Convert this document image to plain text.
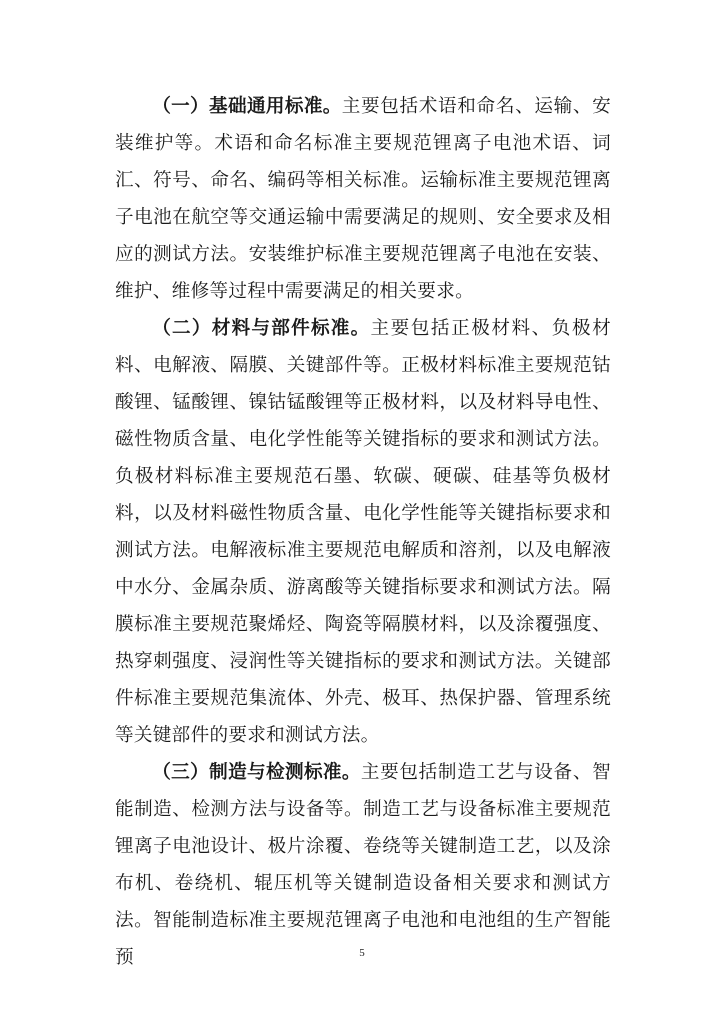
（一）基础通用标准。主要包括术语和命名、运输、安装维护等。术语和命名标准主要规范锂离子电池术语、词汇、符号、命名、编码等相关标准。运输标准主要规范锂离子电池在航空等交通运输中需要满足的规则、安全要求及相应的测试方法。安装维护标准主要规范锂离子电池在安装、维护、维修等过程中需要满足的相关要求。

（二）材料与部件标准。主要包括正极材料、负极材料、电解液、隔膜、关键部件等。正极材料标准主要规范钴酸锂、锰酸锂、镍钴锰酸锂等正极材料，以及材料导电性、磁性物质含量、电化学性能等关键指标的要求和测试方法。负极材料标准主要规范石墨、软碳、硬碳、硅基等负极材料，以及材料磁性物质含量、电化学性能等关键指标要求和测试方法。电解液标准主要规范电解质和溶剂，以及电解液中水分、金属杂质、游离酸等关键指标要求和测试方法。隔膜标准主要规范聚烯烃、陶瓷等隔膜材料，以及涂覆强度、热穿刺强度、浸润性等关键指标的要求和测试方法。关键部件标准主要规范集流体、外壳、极耳、热保护器、管理系统等关键部件的要求和测试方法。

（三）制造与检测标准。主要包括制造工艺与设备、智能制造、检测方法与设备等。制造工艺与设备标准主要规范锂离子电池设计、极片涂覆、卷绕等关键制造工艺，以及涂布机、卷绕机、辊压机等关键制造设备相关要求和测试方法。智能制造标准主要规范锂离子电池和电池组的生产智能预	5
